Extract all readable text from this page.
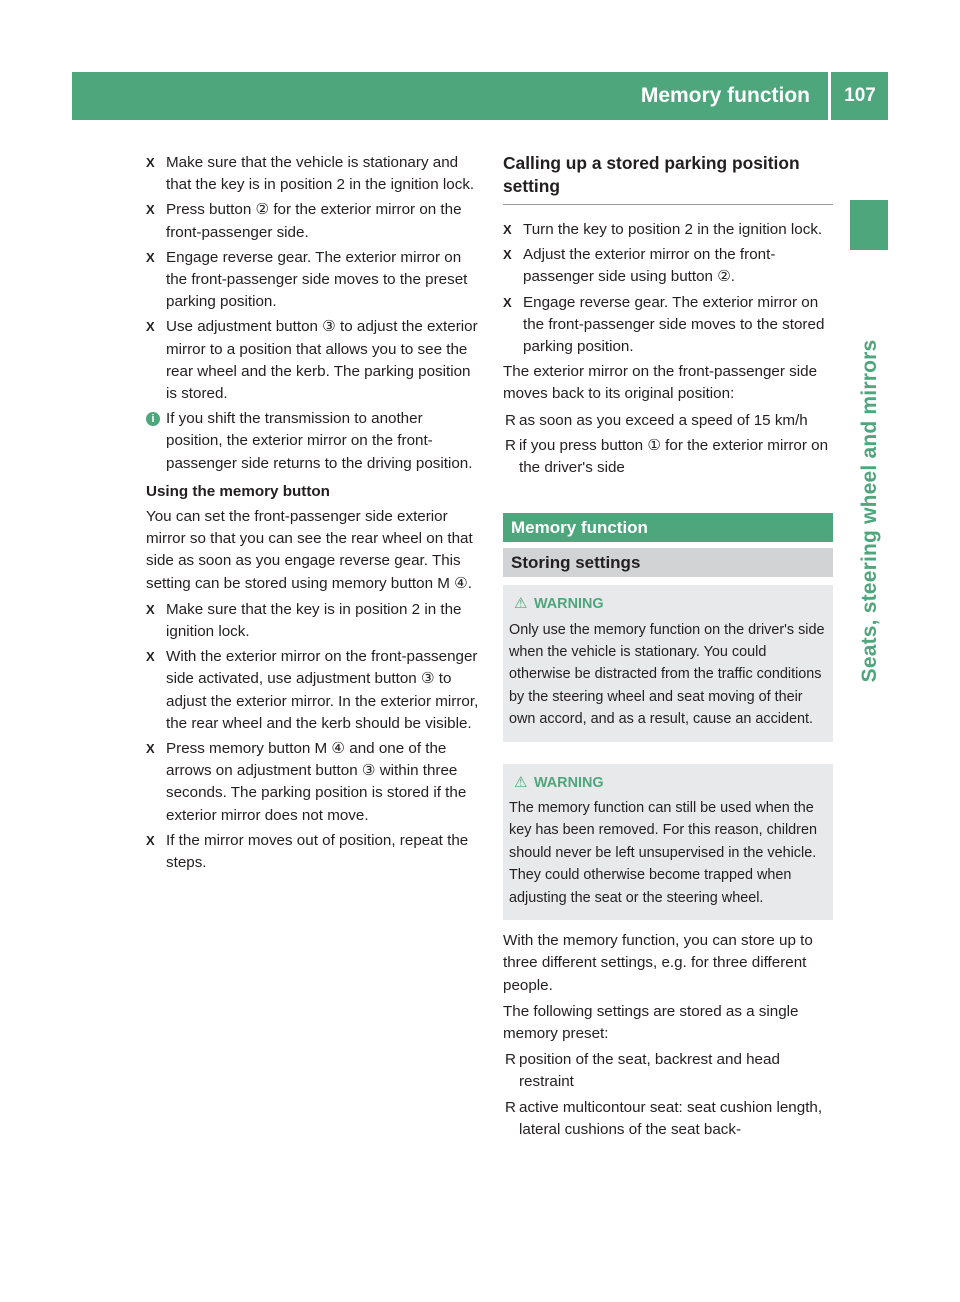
Memory function	107
Seats, steering wheel and mirrors
X Make sure that the vehicle is stationary and that the key is in position 2 in the ignition lock.
X Press button ② for the exterior mirror on the front-passenger side.
X Engage reverse gear. The exterior mirror on the front-passenger side moves to the preset parking position.
X Use adjustment button ③ to adjust the exterior mirror to a position that allows you to see the rear wheel and the kerb. The parking position is stored.
i If you shift the transmission to another position, the exterior mirror on the front-passenger side returns to the driving position.

Using the memory button

You can set the front-passenger side exterior mirror so that you can see the rear wheel on that side as soon as you engage reverse gear. This setting can be stored using memory button M ④.

X Make sure that the key is in position 2 in the ignition lock.
X With the exterior mirror on the front-passenger side activated, use adjustment button ③ to adjust the exterior mirror. In the exterior mirror, the rear wheel and the kerb should be visible.
X Press memory button M ④ and one of the arrows on adjustment button ③ within three seconds. The parking position is stored if the exterior mirror does not move.
X If the mirror moves out of position, repeat the steps.

Calling up a stored parking position setting

X Turn the key to position 2 in the ignition lock.
X Adjust the exterior mirror on the front-passenger side using button ②.
X Engage reverse gear. The exterior mirror on the front-passenger side moves to the stored parking position.

The exterior mirror on the front-passenger side moves back to its original position:

R as soon as you exceed a speed of 15 km/h
R if you press button ① for the exterior mirror on the driver's side
Memory function
Storing settings
⚠ WARNING

Only use the memory function on the driver's side when the vehicle is stationary. You could otherwise be distracted from the traffic conditions by the steering wheel and seat moving of their own accord, and as a result, cause an accident.

⚠ WARNING

The memory function can still be used when the key has been removed. For this reason, children should never be left unsupervised in the vehicle. They could otherwise become trapped when adjusting the seat or the steering wheel.

With the memory function, you can store up to three different settings, e.g. for three different people.

The following settings are stored as a single memory preset:

R position of the seat, backrest and head restraint
R active multicontour seat: seat cushion length, lateral cushions of the seat back-
